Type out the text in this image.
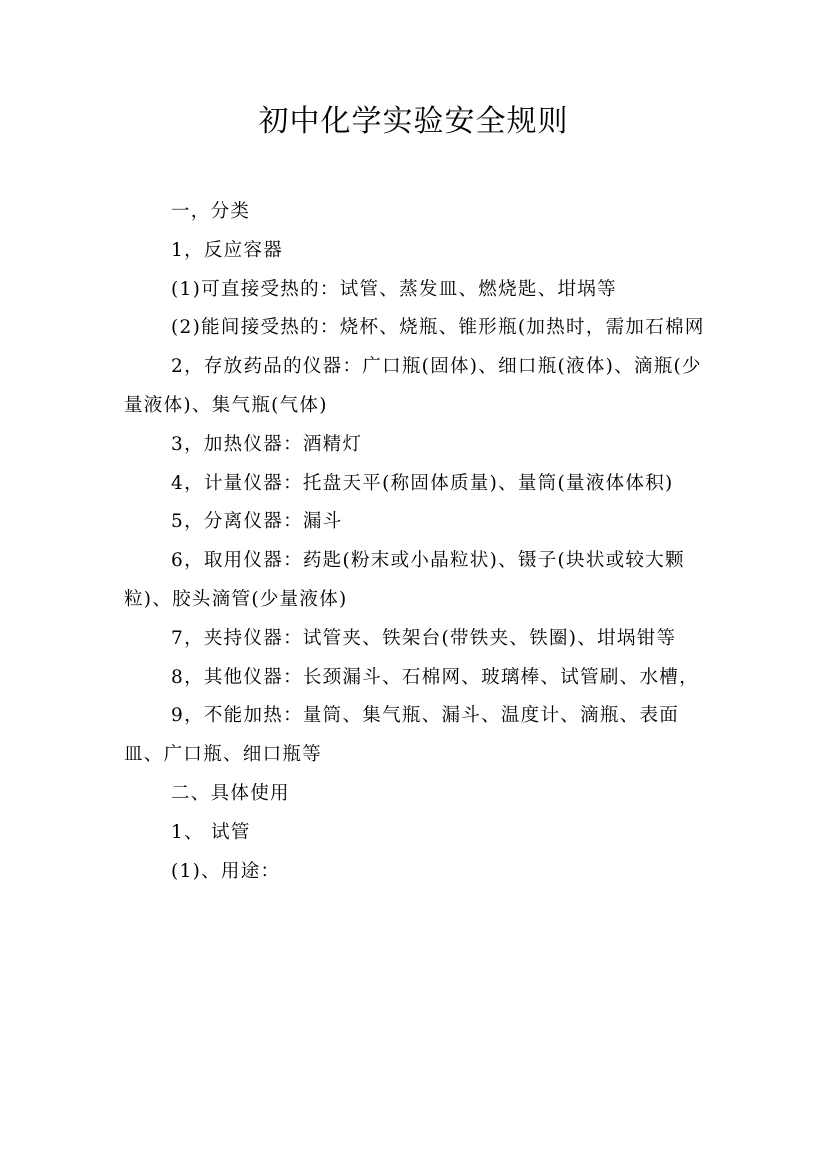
初中化学实验安全规则

一，分类

1，反应容器

(1)可直接受热的：试管、蒸发皿、燃烧匙、坩埚等

(2)能间接受热的：烧杯、烧瓶、锥形瓶(加热时，需加石棉网

2，存放药品的仪器：广口瓶(固体)、细口瓶(液体)、滴瓶(少量液体)、集气瓶(气体)

3，加热仪器：酒精灯

4，计量仪器：托盘天平(称固体质量)、量筒(量液体体积)

5，分离仪器：漏斗

6，取用仪器：药匙(粉末或小晶粒状)、镊子(块状或较大颗粒)、胶头滴管(少量液体)

7，夹持仪器：试管夹、铁架台(带铁夹、铁圈)、坩埚钳等

8，其他仪器：长颈漏斗、石棉网、玻璃棒、试管刷、水槽，

9，不能加热：量筒、集气瓶、漏斗、温度计、滴瓶、表面皿、广口瓶、细口瓶等

二、具体使用

1、 试管

(1)、用途：
